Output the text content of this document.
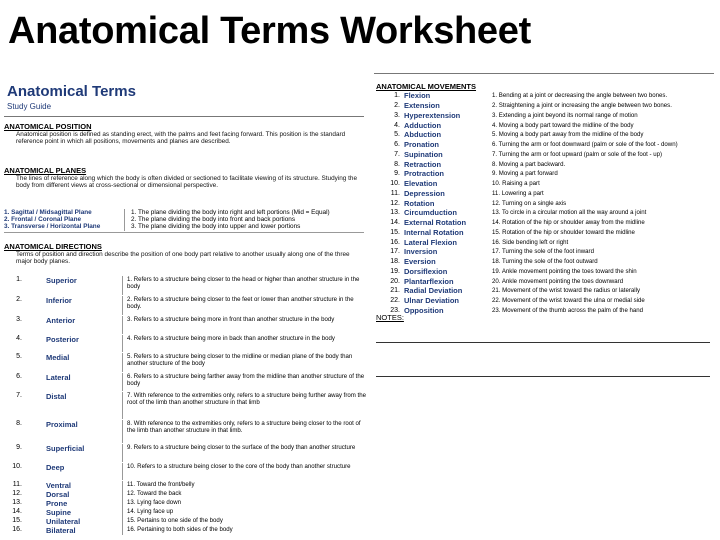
Anatomical Terms Worksheet
Anatomical Terms
Study Guide
ANATOMICAL POSITION
Anatomical position is defined as standing erect, with the palms and feet facing forward. This position is the standard reference point in which all positions, movements and planes are described.
ANATOMICAL PLANES
The lines of reference along which the body is often divided or sectioned to facilitate viewing of its structure. Studying the body from different views at cross-sectional or dimensional perspective.
1. Sagittal / Midsagittal Plane	1. The plane dividing the body into right and left portions (Mid = Equal)
2. Frontal / Coronal Plane	2. The plane dividing the body into front and back portions
3. Transverse / Horizontal Plane	3. The plane dividing the body into upper and lower portions
ANATOMICAL DIRECTIONS
Terms of position and direction describe the position of one body part relative to another usually along one of the three major body planes.
1.	Superior	1. Refers to a structure being closer to the head or higher than another structure in the body
2.	Inferior	2. Refers to a structure being closer to the feet or lower than another structure in the body.
3.	Anterior	3. Refers to a structure being more in front than another structure in the body
4.	Posterior	4. Refers to a structure being more in back than another structure in the body
5.	Medial	5. Refers to a structure being closer to the midline or median plane of the body than another structure of the body
6.	Lateral	6. Refers to a structure being farther away from the midline than another structure of the body
7.	Distal	7. With reference to the extremities only, refers to a structure being further away from the root of the limb than another structure in that limb
8.	Proximal	8. With reference to the extremities only, refers to a structure being closer to the root of the limb than another structure in that limb.
9.	Superficial	9. Refers to a structure being closer to the surface of the body than another structure
10.	Deep	10. Refers to a structure being closer to the core of the body than another structure
11.	Ventral	11. Toward the front/belly
12.	Dorsal	12. Toward the back
13.	Prone	13. Lying face down
14.	Supine	14. Lying face up
15.	Unilateral	15. Pertains to one side of the body
16.	Bilateral	16. Pertaining to both sides of the body
ANATOMICAL MOVEMENTS
1. Flexion	1. Bending at a joint or decreasing the angle between two bones.
2. Extension	2. Straightening a joint or increasing the angle between two bones.
3. Hyperextension	3. Extending a joint beyond its normal range of motion
4. Adduction	4. Moving a body part toward the midline of the body
5. Abduction	5. Moving a body part away from the midline of the body
6. Pronation	6. Turning the arm or foot downward (palm or sole of the foot - down)
7. Supination	7. Turning the arm or foot upward (palm or sole of the foot - up)
8. Retraction	8. Moving a part backward.
9. Protraction	9. Moving a part forward
10. Elevation	10. Raising a part
11. Depression	11. Lowering a part
12. Rotation	12. Turning on a single axis
13. Circumduction	13. To circle in a circular motion all the way around a joint
14. External Rotation	14. Rotation of the hip or shoulder away from the midline
15. Internal Rotation	15. Rotation of the hip or shoulder toward the midline
16. Lateral Flexion	16. Side bending left or right
17. Inversion	17. Turning the sole of the foot inward
18. Eversion	18. Turning the sole of the foot outward
19. Dorsiflexion	19. Ankle movement pointing the toes toward the shin
20. Plantarflexion	20. Ankle movement pointing the toes downward
21. Radial Deviation	21. Movement of the wrist toward the radius or laterally
22. Ulnar Deviation	22. Movement of the wrist toward the ulna or medial side
23. Opposition	23. Movement of the thumb across the palm of the hand
NOTES:
